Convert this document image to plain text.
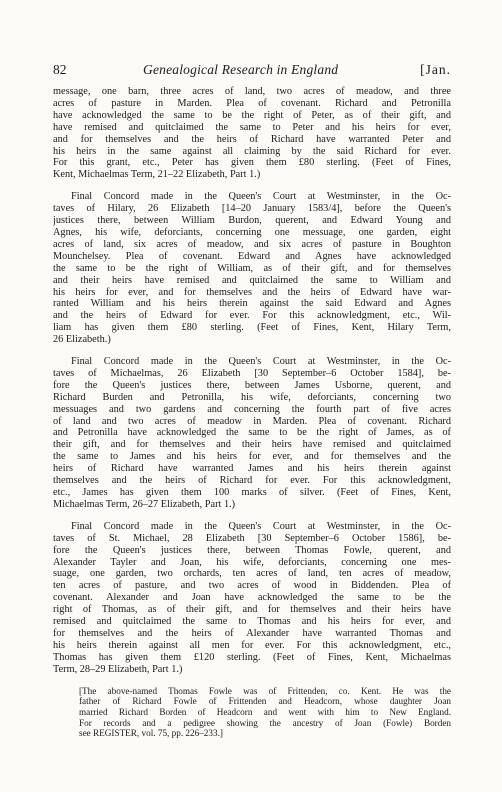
82	Genealogical Research in England	[Jan.

message, one barn, three acres of land, two acres of meadow, and three
acres of pasture in Marden. Plea of covenant. Richard and Petronilla
have acknowledged the same to be the right of Peter, as of their gift, and
have remised and quitclaimed the same to Peter and his heirs for ever,
and for themselves and the heirs of Richard have warranted Peter and
his heirs in the same against all claiming by the said Richard for ever.
For this grant, etc., Peter has given them £80 sterling. (Feet of Fines,
Kent, Michaelmas Term, 21–22 Elizabeth, Part 1.)

Final Concord made in the Queen's Court at Westminster, in the Oc-
taves of Hilary, 26 Elizabeth [14–20 January 1583/4], before the Queen's
justices there, between William Burdon, querent, and Edward Young and
Agnes, his wife, deforciants, concerning one messuage, one garden, eight
acres of land, six acres of meadow, and six acres of pasture in Boughton
Mounchelsey. Plea of covenant. Edward and Agnes have acknowledged
the same to be the right of William, as of their gift, and for themselves
and their heirs have remised and quitclaimed the same to William and
his heirs for ever, and for themselves and the heirs of Edward have war-
ranted William and his heirs therein against the said Edward and Agnes
and the heirs of Edward for ever. For this acknowledgment, etc., Wil-
liam has given them £80 sterling. (Feet of Fines, Kent, Hilary Term,
26 Elizabeth.)

Final Concord made in the Queen's Court at Westminster, in the Oc-
taves of Michaelmas, 26 Elizabeth [30 September–6 October 1584], be-
fore the Queen's justices there, between James Usborne, querent, and
Richard Burden and Petronilla, his wife, deforciants, concerning two
messuages and two gardens and concerning the fourth part of five acres
of land and two acres of meadow in Marden. Plea of covenant. Richard
and Petronilla have acknowledged the same to be the right of James, as of
their gift, and for themselves and their heirs have remised and quitclaimed
the same to James and his heirs for ever, and for themselves and the
heirs of Richard have warranted James and his heirs therein against
themselves and the heirs of Richard for ever. For this acknowledgment,
etc., James has given them 100 marks of silver. (Feet of Fines, Kent,
Michaelmas Term, 26–27 Elizabeth, Part 1.)

Final Concord made in the Queen's Court at Westminster, in the Oc-
taves of St. Michael, 28 Elizabeth [30 September–6 October 1586], be-
fore the Queen's justices there, between Thomas Fowle, querent, and
Alexander Tayler and Joan, his wife, deforciants, concerning one mes-
suage, one garden, two orchards, ten acres of land, ten acres of meadow,
ten acres of pasture, and two acres of wood in Biddenden. Plea of
covenant. Alexander and Joan have acknowledged the same to be the
right of Thomas, as of their gift, and for themselves and their heirs have
remised and quitclaimed the same to Thomas and his heirs for ever, and
for themselves and the heirs of Alexander have warranted Thomas and
his heirs therein against all men for ever. For this acknowledgment, etc.,
Thomas has given them £120 sterling. (Feet of Fines, Kent, Michaelmas
Term, 28–29 Elizabeth, Part 1.)

[The above-named Thomas Fowle was of Frittenden, co. Kent. He was the
father of Richard Fowle of Frittenden and Headcorn, whose daughter Joan
married Richard Borden of Headcorn and went with him to New England.
For records and a pedigree showing the ancestry of Joan (Fowle) Borden
see REGISTER, vol. 75, pp. 226–233.]
